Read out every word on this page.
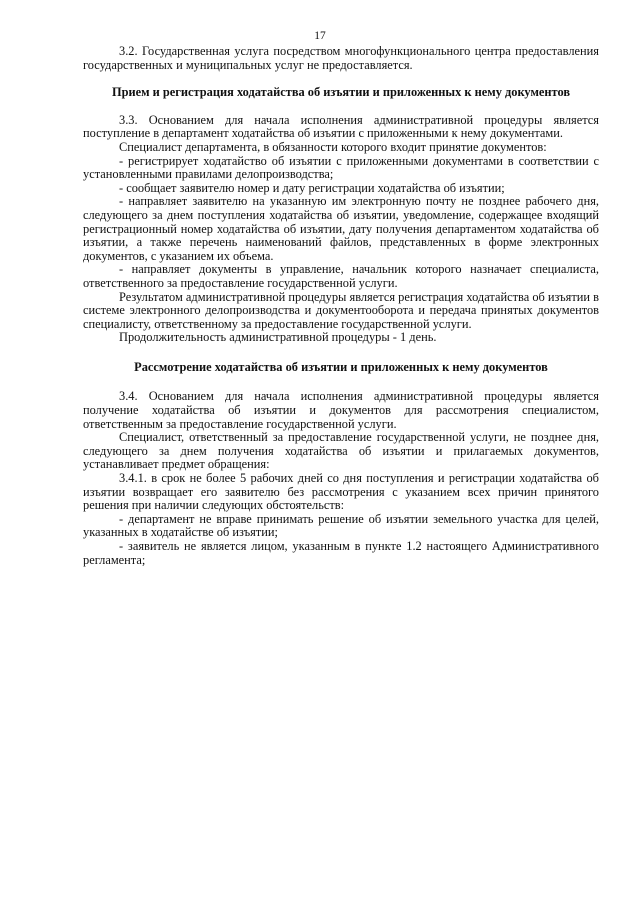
17

3.2. Государственная услуга посредством многофункционального центра предоставления государственных и муниципальных услуг не предоставляется.

Прием и регистрация ходатайства об изъятии и приложенных к нему документов

3.3. Основанием для начала исполнения административной процедуры является поступление в департамент ходатайства об изъятии с приложенными к нему документами.

Специалист департамента, в обязанности которого входит принятие документов:

- регистрирует ходатайство об изъятии с приложенными документами в соответствии с установленными правилами делопроизводства;

- сообщает заявителю номер и дату регистрации ходатайства об изъятии;

- направляет заявителю на указанную им электронную почту не позднее рабочего дня, следующего за днем поступления ходатайства об изъятии, уведомление, содержащее входящий регистрационный номер ходатайства об изъятии, дату получения департаментом ходатайства об изъятии, а также перечень наименований файлов, представленных в форме электронных документов, с указанием их объема.

- направляет документы в управление, начальник которого назначает специалиста, ответственного за предоставление государственной услуги.

Результатом административной процедуры является регистрация ходатайства об изъятии в системе электронного делопроизводства и документооборота и передача принятых документов специалисту, ответственному за предоставление государственной услуги.

Продолжительность административной процедуры - 1 день.

Рассмотрение ходатайства об изъятии и приложенных к нему документов

3.4. Основанием для начала исполнения административной процедуры является получение ходатайства об изъятии и документов для рассмотрения специалистом, ответственным за предоставление государственной услуги.

Специалист, ответственный за предоставление государственной услуги, не позднее дня, следующего за днем получения ходатайства об изъятии и прилагаемых документов, устанавливает предмет обращения:

3.4.1. в срок не более 5 рабочих дней со дня поступления и регистрации ходатайства об изъятии возвращает его заявителю без рассмотрения с указанием всех причин принятого решения при наличии следующих обстоятельств:

- департамент не вправе принимать решение об изъятии земельного участка для целей, указанных в ходатайстве об изъятии;

- заявитель не является лицом, указанным в пункте 1.2 настоящего Административного регламента;
